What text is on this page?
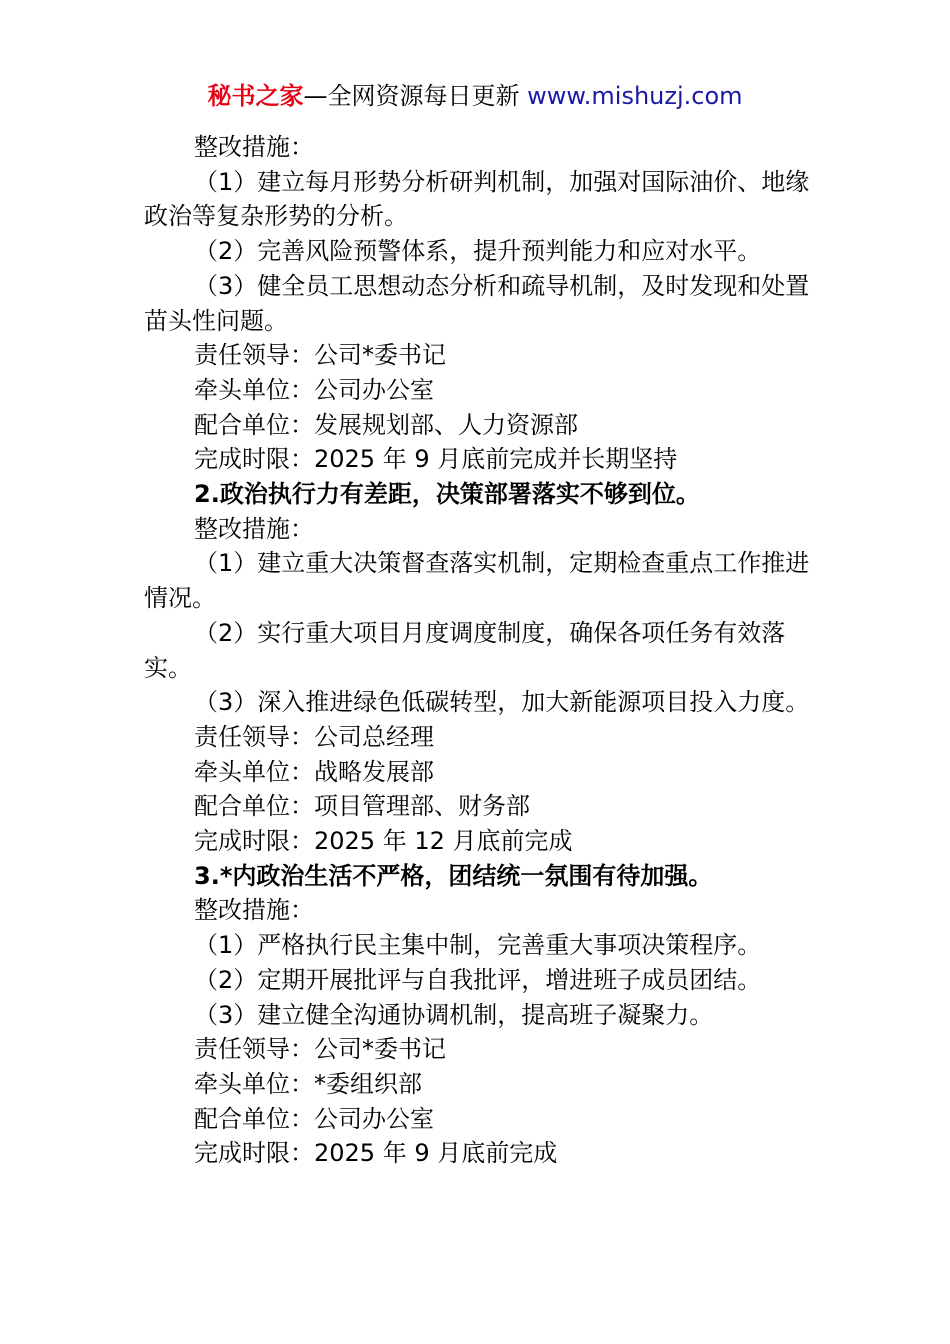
秘书之家—全网资源每日更新 www.mishuzj.com

整改措施：

（1）建立每月形势分析研判机制，加强对国际油价、地缘政治等复杂形势的分析。

（2）完善风险预警体系，提升预判能力和应对水平。

（3）健全员工思想动态分析和疏导机制，及时发现和处置苗头性问题。

责任领导：公司*委书记

牵头单位：公司办公室

配合单位：发展规划部、人力资源部

完成时限：2025 年 9 月底前完成并长期坚持

2.政治执行力有差距，决策部署落实不够到位。

整改措施：

（1）建立重大决策督查落实机制，定期检查重点工作推进情况。

（2）实行重大项目月度调度制度，确保各项任务有效落实。

（3）深入推进绿色低碳转型，加大新能源项目投入力度。

责任领导：公司总经理

牵头单位：战略发展部

配合单位：项目管理部、财务部

完成时限：2025 年 12 月底前完成

3.*内政治生活不严格，团结统一氛围有待加强。

整改措施：

（1）严格执行民主集中制，完善重大事项决策程序。

（2）定期开展批评与自我批评，增进班子成员团结。

（3）建立健全沟通协调机制，提高班子凝聚力。

责任领导：公司*委书记

牵头单位：*委组织部

配合单位：公司办公室

完成时限：2025 年 9 月底前完成
